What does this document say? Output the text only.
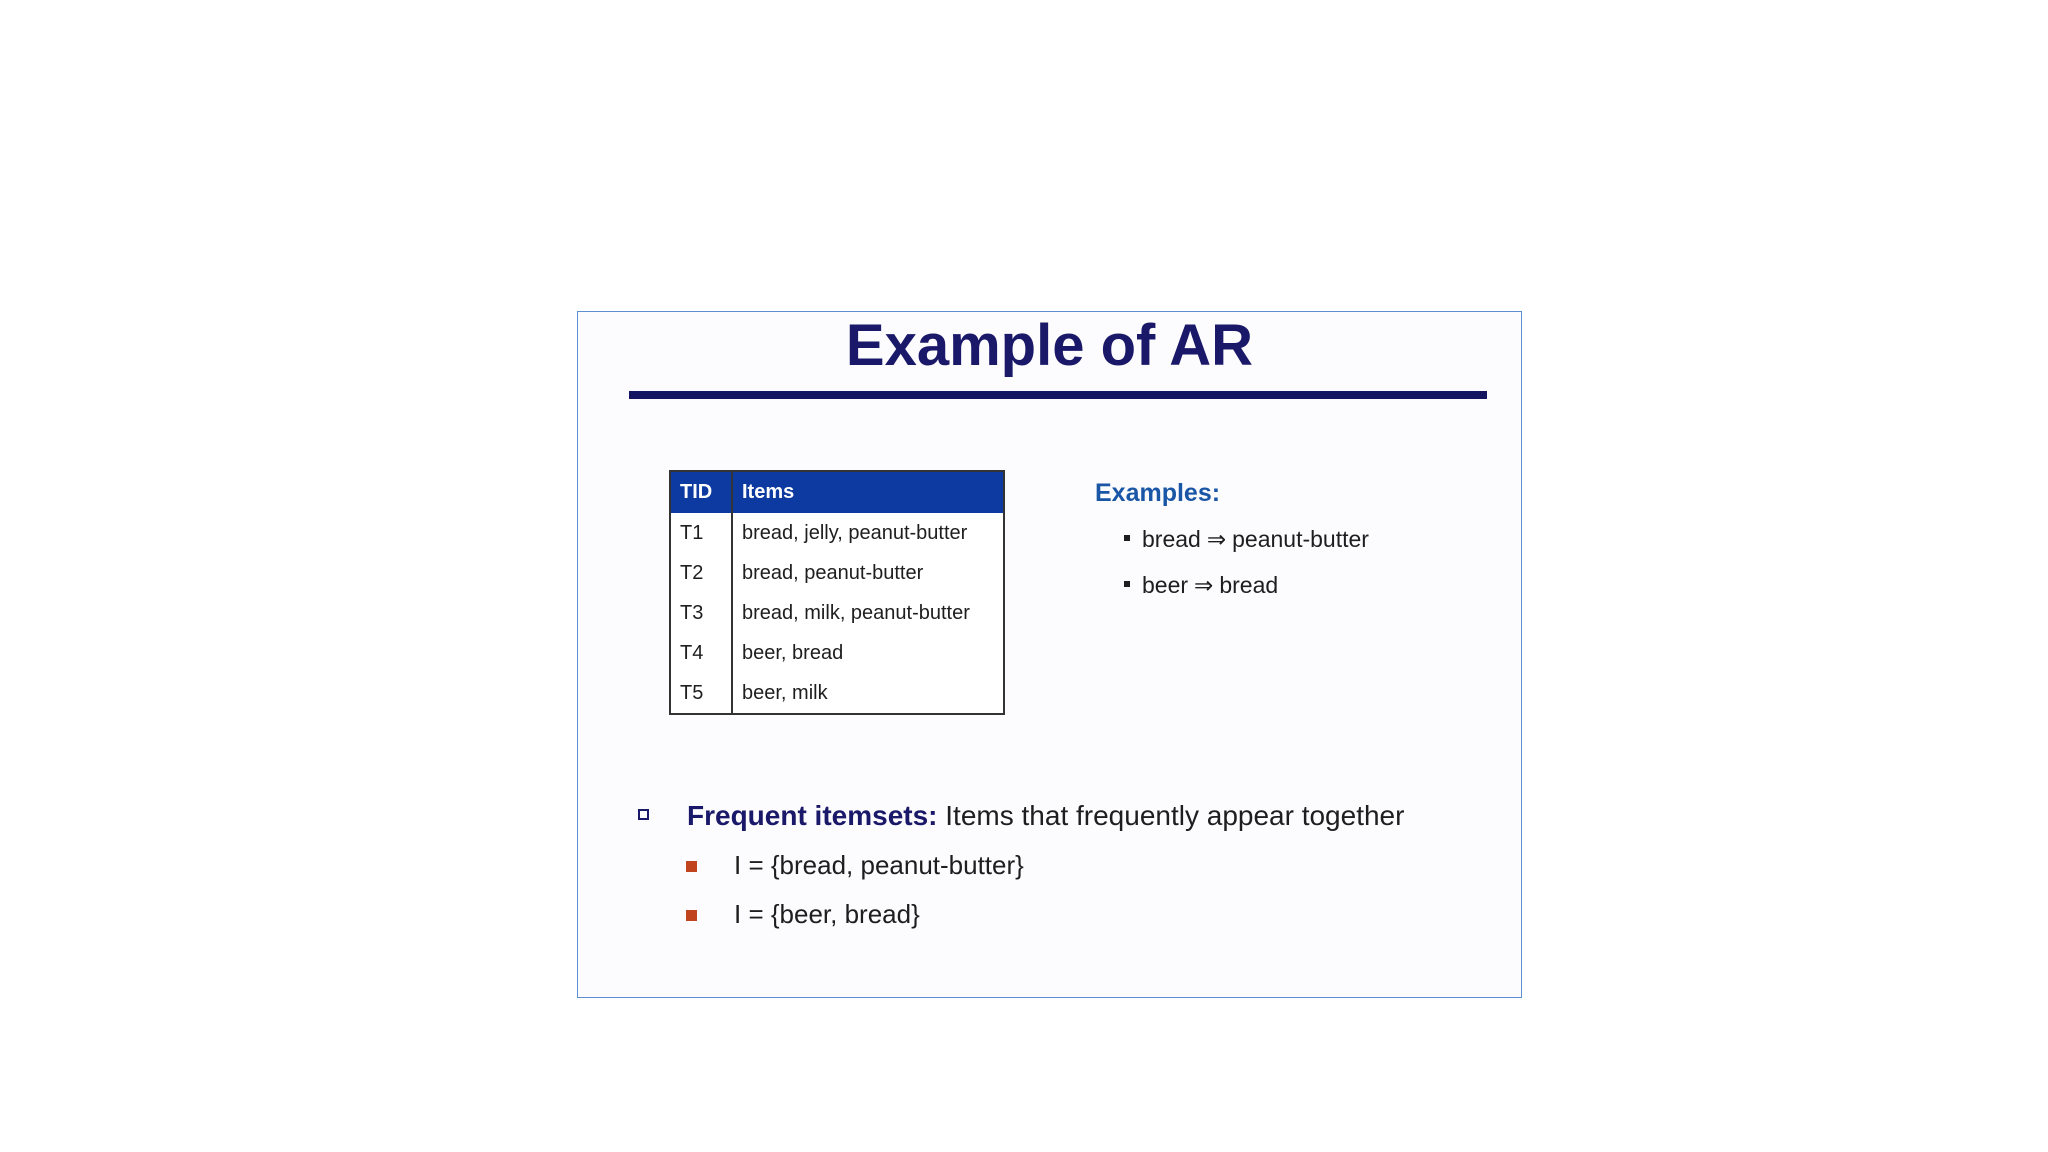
Example of AR
TID	Items
T1	bread, jelly, peanut-butter
T2	bread, peanut-butter
T3	bread, milk, peanut-butter
T4	beer, bread
T5	beer, milk
Examples:
bread ⇒ peanut-butter
beer ⇒ bread
Frequent itemsets: Items that frequently appear together
I = {bread, peanut-butter}
I = {beer, bread}
